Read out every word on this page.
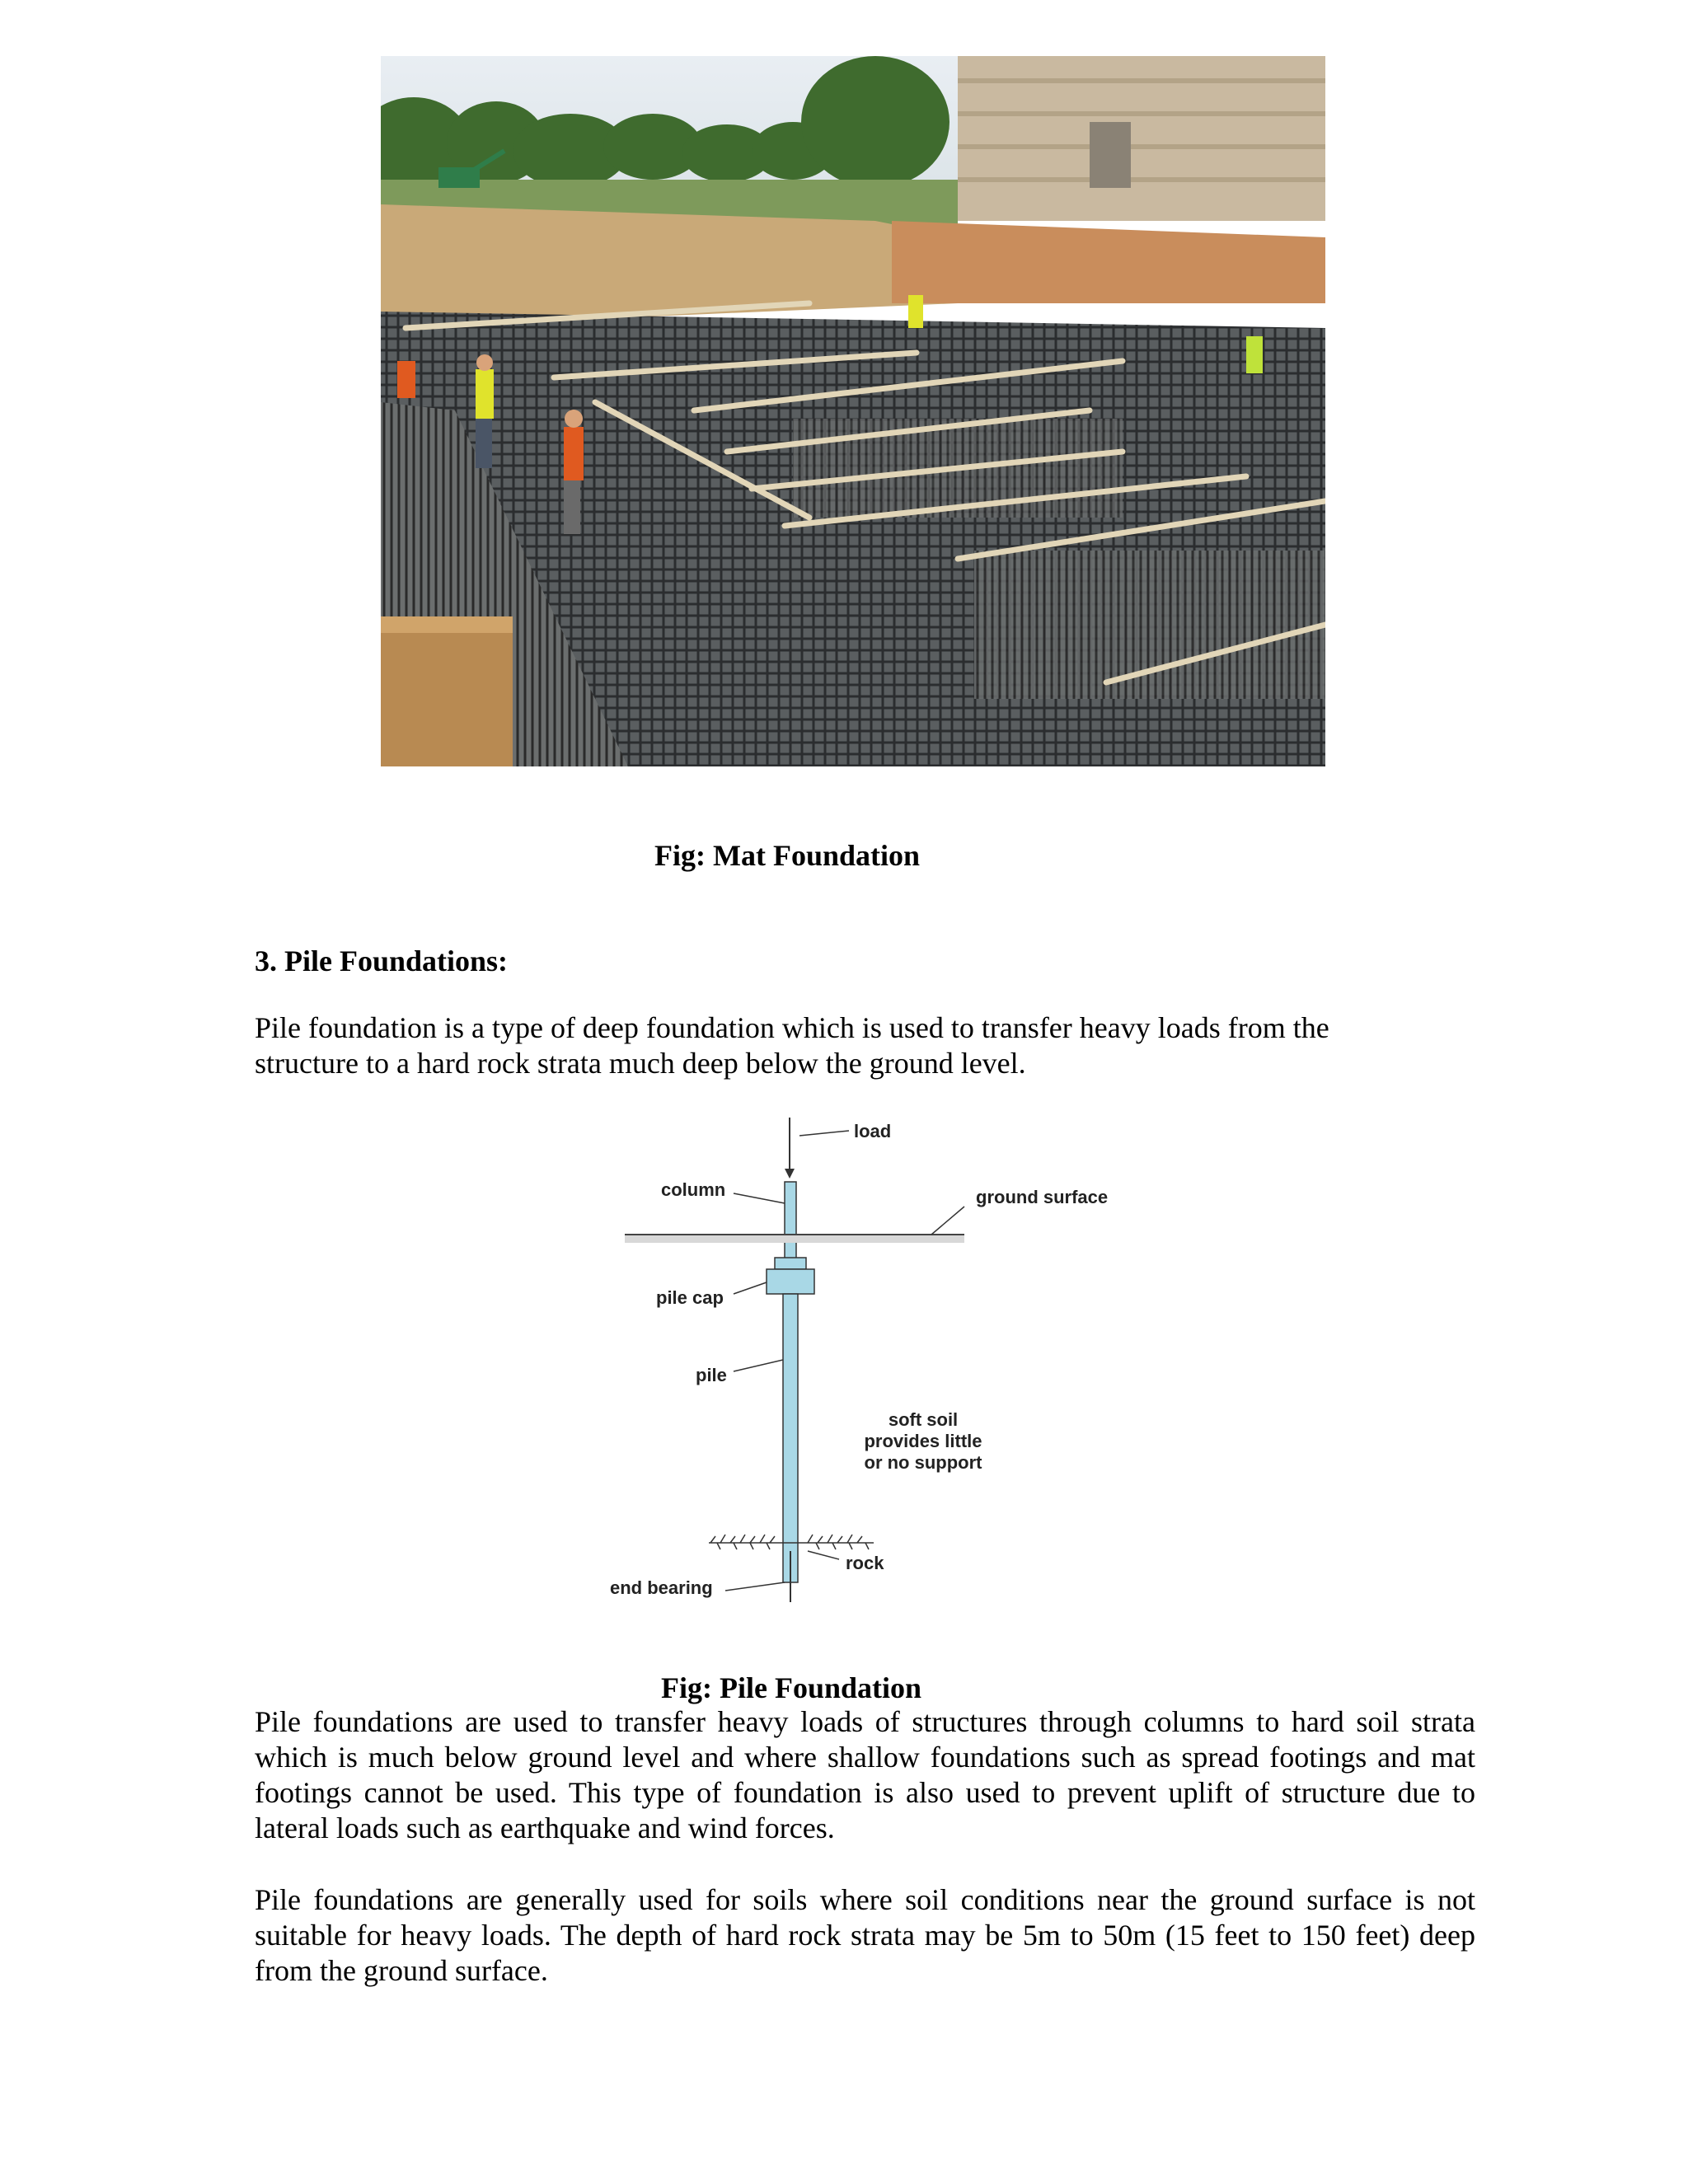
Fig: Mat Foundation
3. Pile Foundations:
Pile foundation is a type of deep foundation which is used to transfer heavy loads from the
structure to a hard rock strata much deep below the ground level.
load
column	ground surface
pile cap
pile
soft soil
provides little
or no support
rock
end bearing
Fig: Pile Foundation
Pile foundations are used to transfer heavy loads of structures through columns to hard soil strata
which is much below ground level and where shallow foundations such as spread footings and mat
footings cannot be used. This type of foundation is also used to prevent uplift of structure due to
lateral loads such as earthquake and wind forces.
Pile foundations are generally used for soils where soil conditions near the ground surface is not
suitable for heavy loads. The depth of hard rock strata may be 5m to 50m (15 feet to 150 feet) deep
from the ground surface.
